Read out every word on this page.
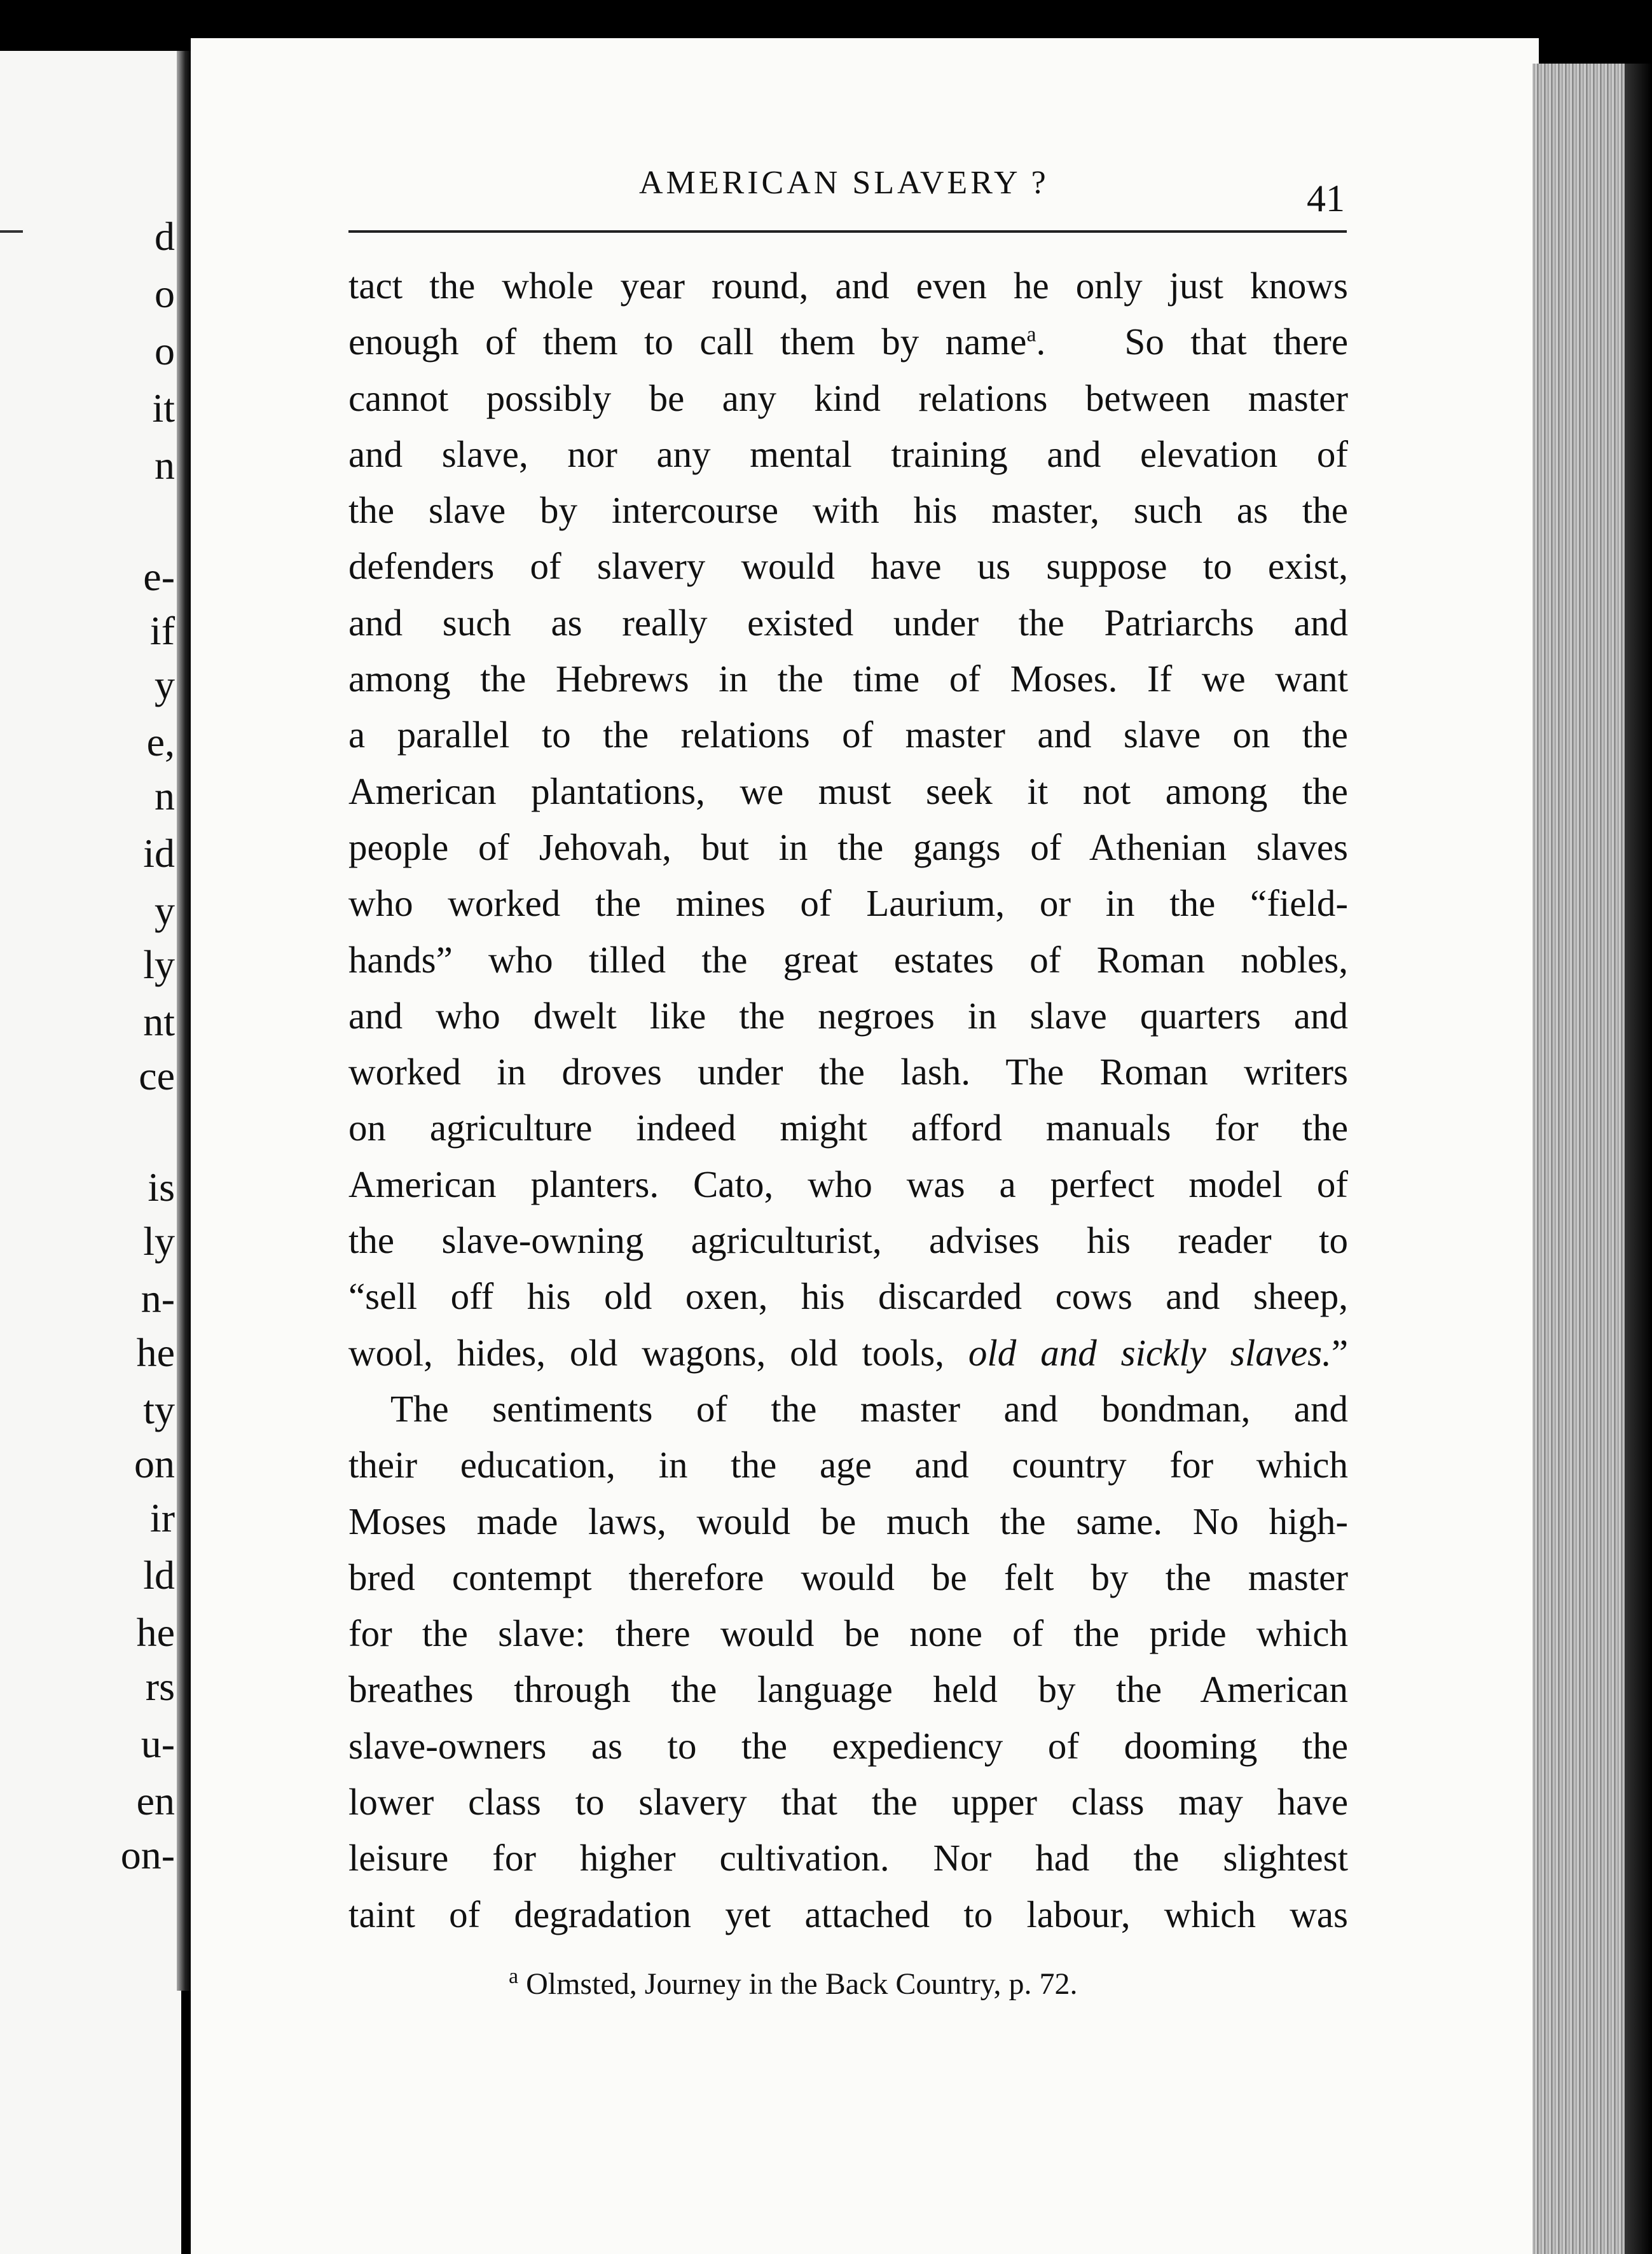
d
o
o
it
n
e-
if
y
e,
n
id
y
ly
nt
ce
is
ly
n-
he
ty
on
ir
ld
he
rs
u-
en
on-
AMERICAN SLAVERY ?	41
tact the whole year round, and even he only just knows
enough of them to call them by name$^a$. So that there
cannot possibly be any kind relations between master
and slave, nor any mental training and elevation of
the slave by intercourse with his master, such as the
defenders of slavery would have us suppose to exist,
and such as really existed under the Patriarchs and
among the Hebrews in the time of Moses. If we want
a parallel to the relations of master and slave on the
American plantations, we must seek it not among the
people of Jehovah, but in the gangs of Athenian slaves
who worked the mines of Laurium, or in the “field-
hands” who tilled the great estates of Roman nobles,
and who dwelt like the negroes in slave quarters and
worked in droves under the lash. The Roman writers
on agriculture indeed might afford manuals for the
American planters. Cato, who was a perfect model of
the slave-owning agriculturist, advises his reader to
“sell off his old oxen, his discarded cows and sheep,
wool, hides, old wagons, old tools, old and sickly slaves.”
The sentiments of the master and bondman, and
their education, in the age and country for which
Moses made laws, would be much the same. No high-
bred contempt therefore would be felt by the master
for the slave: there would be none of the pride which
breathes through the language held by the American
slave-owners as to the expediency of dooming the
lower class to slavery that the upper class may have
leisure for higher cultivation. Nor had the slightest
taint of degradation yet attached to labour, which was
$^a$ Olmsted, Journey in the Back Country, p. 72.
